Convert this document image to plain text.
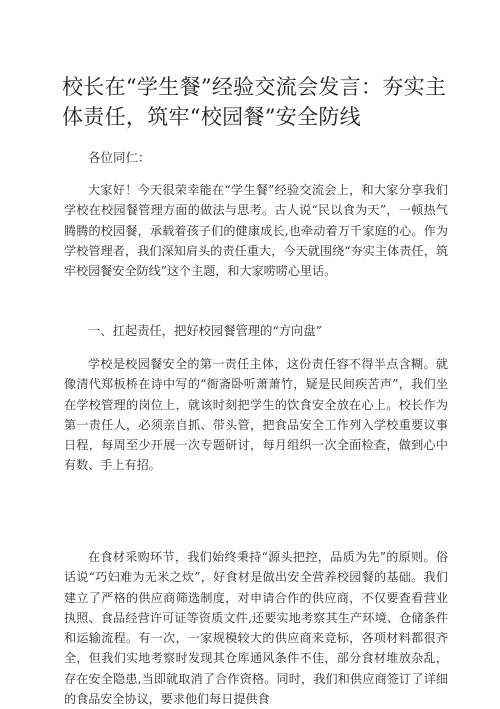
校长在“学生餐”经验交流会发言：夯实主体责任，筑牢“校园餐”安全防线

各位同仁：

大家好！今天很荣幸能在“学生餐”经验交流会上，和大家分享我们学校在校园餐管理方面的做法与思考。古人说“民以食为天”，一顿热气腾腾的校园餐，承载着孩子们的健康成长,也牵动着万千家庭的心。作为学校管理者，我们深知肩头的责任重大，今天就围绕“夯实主体责任，筑牢校园餐安全防线”这个主题，和大家唠唠心里话。

一、扛起责任，把好校园餐管理的“方向盘”

学校是校园餐安全的第一责任主体，这份责任容不得半点含糊。就像清代郑板桥在诗中写的“衙斋卧听萧萧竹，疑是民间疾苦声”，我们坐在学校管理的岗位上，就该时刻把学生的饮食安全放在心上。校长作为第一责任人，必须亲自抓、带头管，把食品安全工作列入学校重要议事日程，每周至少开展一次专题研讨，每月组织一次全面检查，做到心中有数、手上有招。

在食材采购环节，我们始终秉持“源头把控，品质为先”的原则。俗话说“巧妇难为无米之炊”，好食材是做出安全营养校园餐的基础。我们建立了严格的供应商筛选制度，对申请合作的供应商，不仅要查看营业执照、食品经营许可证等资质文件,还要实地考察其生产环境、仓储条件和运输流程。有一次，一家规模较大的供应商来竞标，各项材料都很齐全，但我们实地考察时发现其仓库通风条件不佳，部分食材堆放杂乱，存在安全隐患,当即就取消了合作资格。同时，我们和供应商签订了详细的食品安全协议，要求他们每日提供食
